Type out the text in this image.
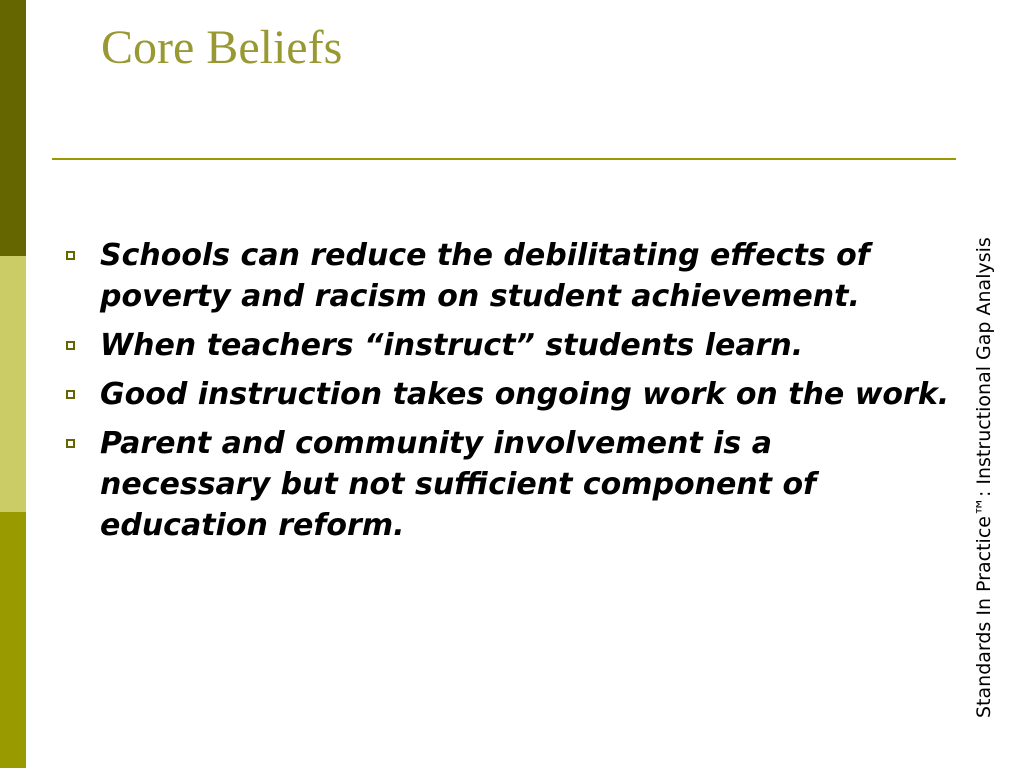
Core Beliefs
Schools can reduce the debilitating effects of poverty and racism on student achievement.
When teachers “instruct” students learn.
Good instruction takes ongoing work on the work.
Parent and community involvement is a necessary but not sufficient component of education reform.	Standards In Practice™: Instructional Gap Analysis
